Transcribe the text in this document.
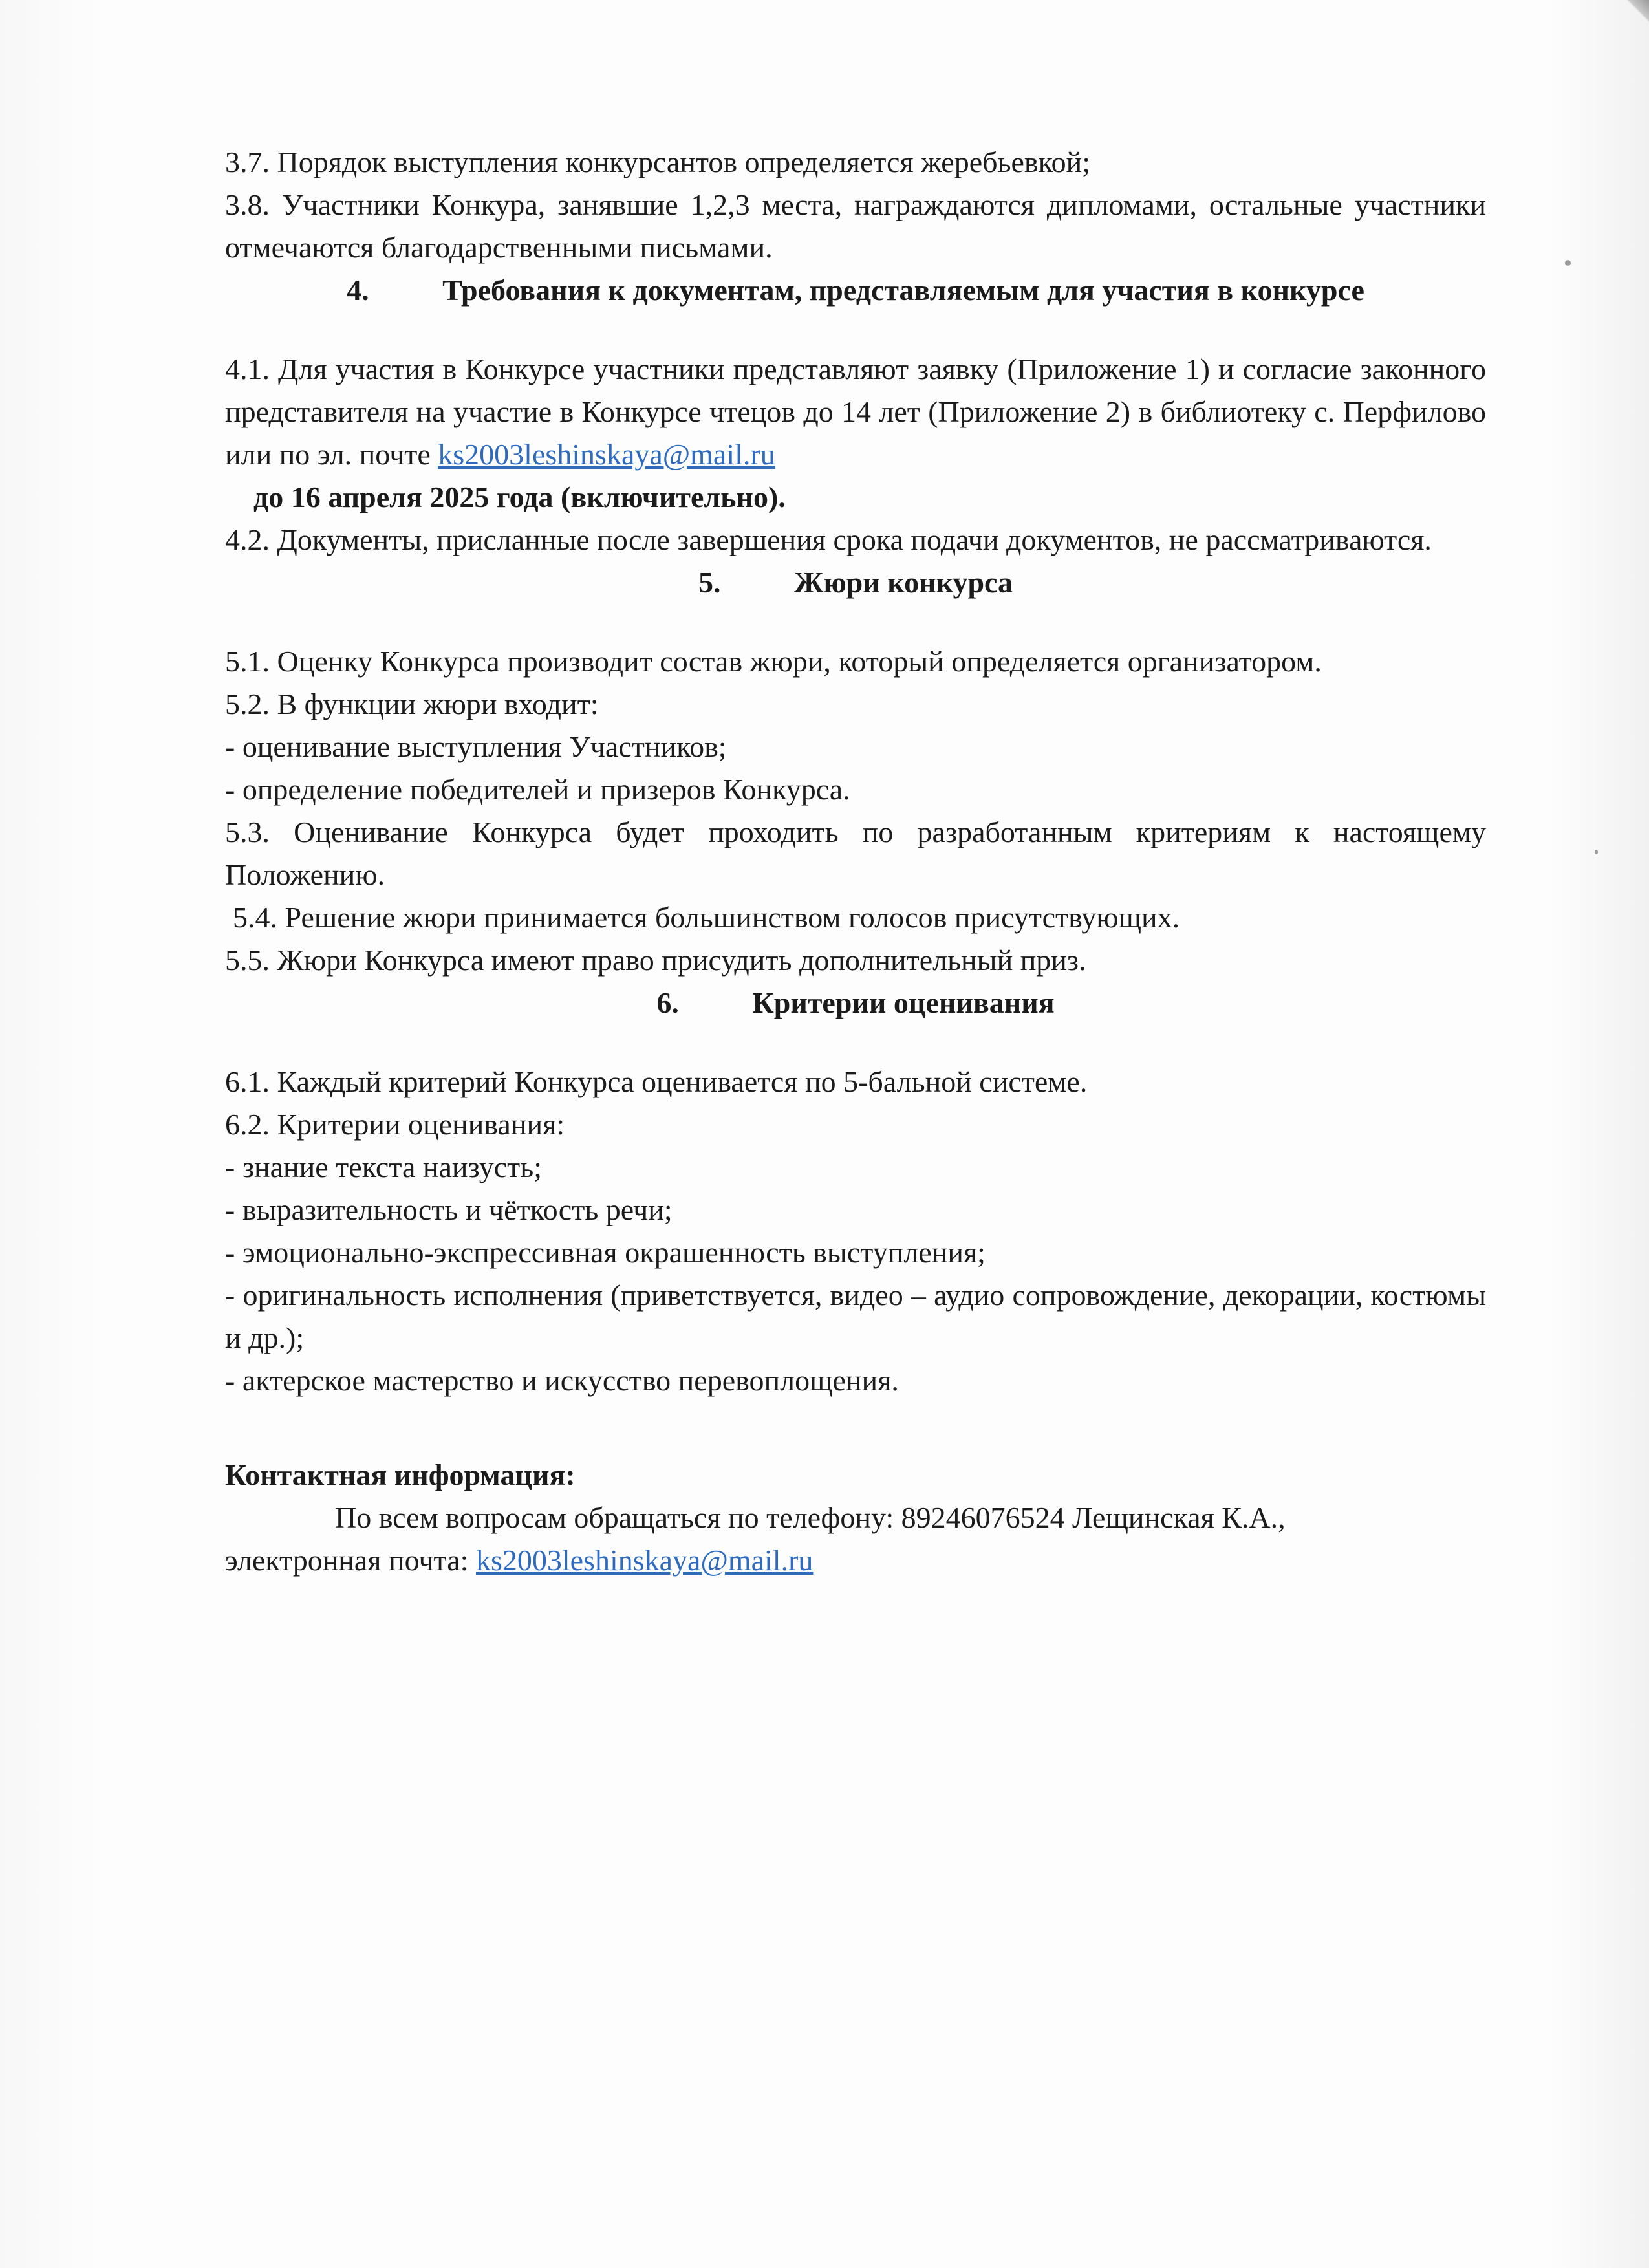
3.7. Порядок выступления конкурсантов определяется жеребьевкой;

3.8. Участники Конкура, занявшие 1,2,3 места, награждаются дипломами, остальные участники отмечаются благодарственными письмами.

4.	Требования к документам, представляемым для участия в конкурсе

4.1. Для участия в Конкурсе участники представляют заявку (Приложение 1) и согласие законного представителя на участие в Конкурсе чтецов до 14 лет (Приложение 2) в библиотеку с. Перфилово или по эл. почте ks2003leshinskaya@mail.ru

до 16 апреля 2025 года (включительно).

4.2. Документы, присланные после завершения срока подачи документов, не рассматриваются.

5.	Жюри конкурса

5.1. Оценку Конкурса производит состав жюри, который определяется организатором.

5.2. В функции жюри входит:

- оценивание выступления Участников;

- определение победителей и призеров Конкурса.

5.3. Оценивание Конкурса будет проходить по разработанным критериям к настоящему Положению.

5.4. Решение жюри принимается большинством голосов присутствующих.

5.5. Жюри Конкурса имеют право присудить дополнительный приз.

6.	Критерии оценивания

6.1. Каждый критерий Конкурса оценивается по 5-бальной системе.

6.2. Критерии оценивания:

- знание текста наизусть;

- выразительность и чёткость речи;

- эмоционально-экспрессивная окрашенность выступления;

- оригинальность исполнения (приветствуется, видео – аудио сопровождение, декорации, костюмы и др.);

- актерское мастерство и искусство перевоплощения.

Контактная информация:

По всем вопросам обращаться по телефону: 89246076524 Лещинская К.А.,

электронная почта: ks2003leshinskaya@mail.ru
